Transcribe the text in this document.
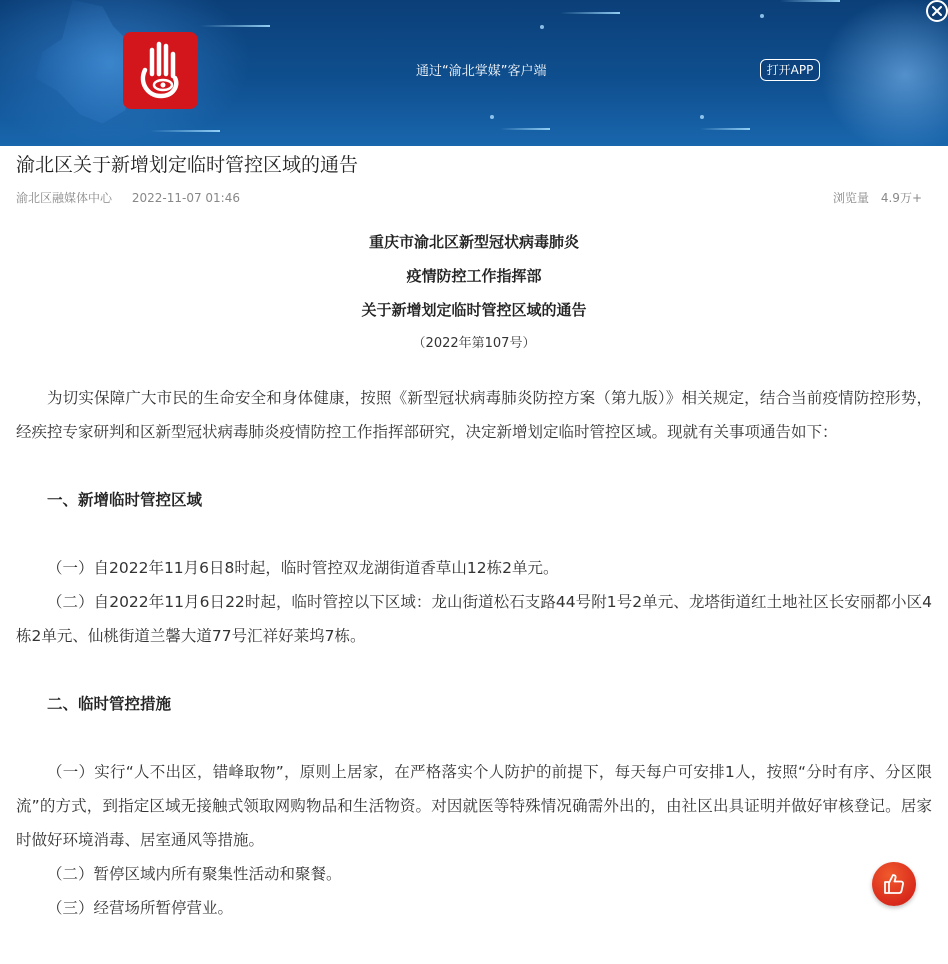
通过“渝北掌媒”客户端	打开APP
渝北区关于新增划定临时管控区域的通告
渝北区融媒体中心 2022-11-07 01:46	浏览量 4.9万+
重庆市渝北区新型冠状病毒肺炎
疫情防控工作指挥部
关于新增划定临时管控区域的通告
（2022年第107号）

为切实保障广大市民的生命安全和身体健康，按照《新型冠状病毒肺炎防控方案（第九版）》相关规定，结合当前疫情防控形势，经疾控专家研判和区新型冠状病毒肺炎疫情防控工作指挥部研究，决定新增划定临时管控区域。现就有关事项通告如下：

一、新增临时管控区域

（一）自2022年11月6日8时起，临时管控双龙湖街道香草山12栋2单元。

（二）自2022年11月6日22时起，临时管控以下区域：龙山街道松石支路44号附1号2单元、龙塔街道红土地社区长安丽都小区4栋2单元、仙桃街道兰馨大道77号汇祥好莱坞7栋。

二、临时管控措施

（一）实行“人不出区，错峰取物”，原则上居家，在严格落实个人防护的前提下，每天每户可安排1人，按照“分时有序、分区限流”的方式，到指定区域无接触式领取网购物品和生活物资。对因就医等特殊情况确需外出的，由社区出具证明并做好审核登记。居家时做好环境消毒、居室通风等措施。

（二）暂停区域内所有聚集性活动和聚餐。

（三）经营场所暂停营业。
